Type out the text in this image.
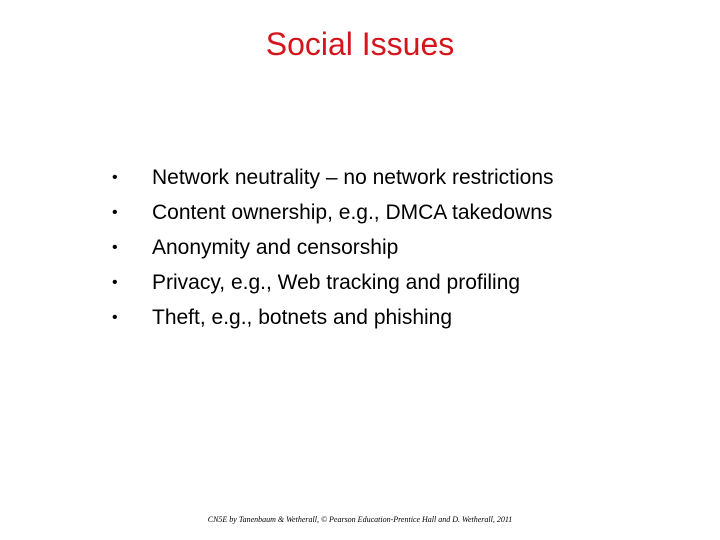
Social Issues
•	Network neutrality – no network restrictions
•	Content ownership, e.g., DMCA takedowns
•	Anonymity and censorship
•	Privacy, e.g., Web tracking and profiling
•	Theft, e.g., botnets and phishing
CN5E by Tanenbaum & Wetherall, © Pearson Education-Prentice Hall and D. Wetherall, 2011
